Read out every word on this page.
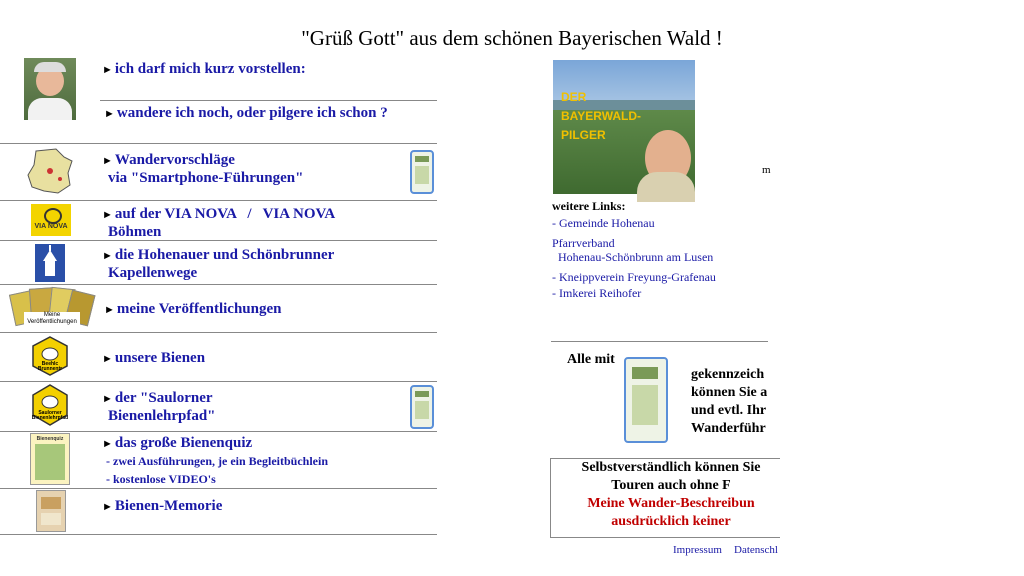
"Grüß Gott" aus dem schönen Bayerischen Wald !
► ich darf mich kurz vorstellen:
► wandere ich noch, oder pilgere ich schon ?
► Wandervorschläge
via "Smartphone-Führungen"
VIA NOVA
► auf der VIA NOVA   /   VIA NOVA
Böhmen
► die Hohenauer und Schönbrunner
Kapellenwege
Meine
Veröffentlichungen
► meine Veröffentlichungen
Beehlc
Brunnentr
► unsere Bienen
Saulorner
Bienenlehrpfad
► der "Saulorner
Bienenlehrpfad"
Bienenquiz	► das große Bienenquiz
- zwei Ausführungen, je ein Begleitbüchlein
- kostenlose VIDEO's
► Bienen-Memorie
DER
BAYERWALD-
PILGER
weitere Links:
- Gemeinde Hohenau
Pfarrverband
Hohenau-Schönbrunn am Lusen
- Kneippverein Freyung-Grafenau
- Imkerei Reihofer
m
Alle mit
gekennzeich
können Sie a
und evtl. Ihr
Wanderführ
Selbstverständlich können Sie
Touren auch ohne F
Meine Wander-Beschreibun
ausdrücklich keiner
Impressum Datenschl
